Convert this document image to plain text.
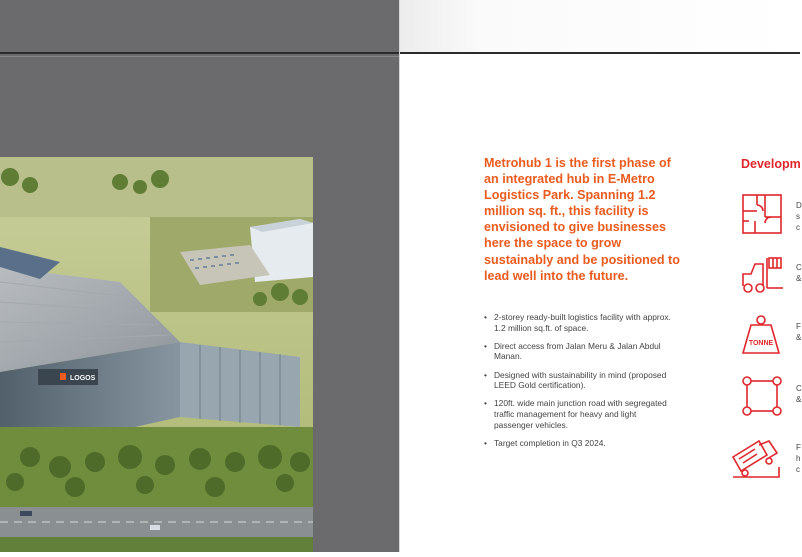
LOGOS

Metrohub 1 is the first phase of an integrated hub in E-Metro Logistics Park. Spanning 1.2 million sq. ft., this facility is envisioned to give businesses here the space to grow sustainably and be positioned to lead well into the future.

• 2-storey ready-built logistics facility with approx. 1.2 million sq.ft. of space.
• Direct access from Jalan Meru & Jalan Abdul Manan.
• Designed with sustainability in mind (proposed LEED Gold certification).
• 120ft. wide main junction road with segregated traffic management for heavy and light passenger vehicles.
• Target completion in Q3 2024.
Developm
D
s
c
C
&
TONNE
F
&
C
&
F
h
c
